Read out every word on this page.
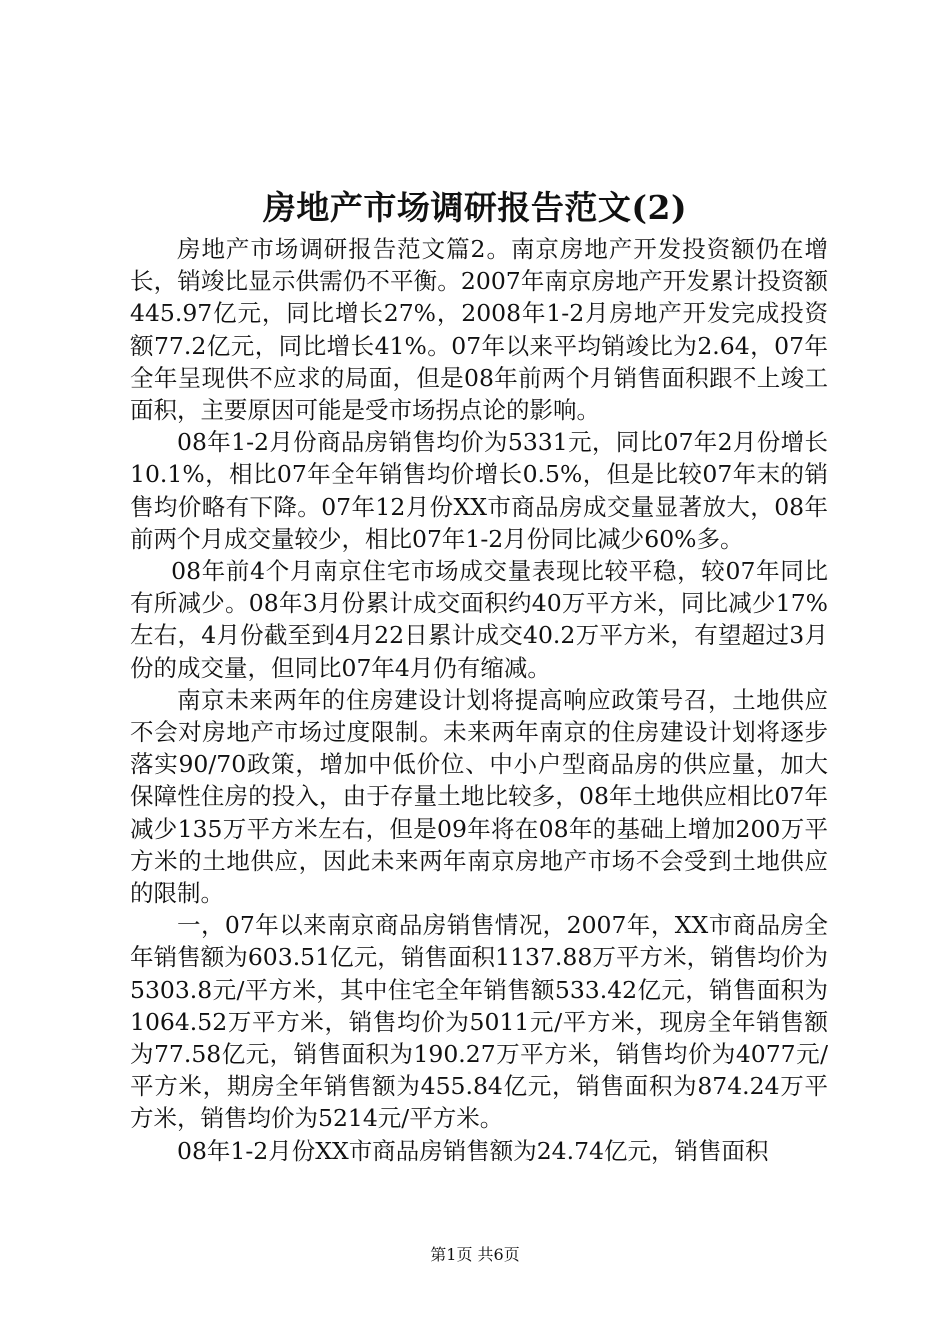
房地产市场调研报告范文(2)

房地产市场调研报告范文篇2。南京房地产开发投资额仍在增长，销竣比显示供需仍不平衡。2007年南京房地产开发累计投资额445.97亿元，同比增长27%，2008年1-2月房地产开发完成投资额77.2亿元，同比增长41%。07年以来平均销竣比为2.64，07年全年呈现供不应求的局面，但是08年前两个月销售面积跟不上竣工面积，主要原因可能是受市场拐点论的影响。

08年1-2月份商品房销售均价为5331元，同比07年2月份增长10.1%，相比07年全年销售均价增长0.5%，但是比较07年末的销售均价略有下降。07年12月份XX市商品房成交量显著放大，08年前两个月成交量较少，相比07年1-2月份同比减少60%多。

08年前4个月南京住宅市场成交量表现比较平稳，较07年同比有所减少。08年3月份累计成交面积约40万平方米，同比减少17%左右，4月份截至到4月22日累计成交40.2万平方米，有望超过3月份的成交量，但同比07年4月仍有缩减。

南京未来两年的住房建设计划将提高响应政策号召，土地供应不会对房地产市场过度限制。未来两年南京的住房建设计划将逐步落实90/70政策，增加中低价位、中小户型商品房的供应量，加大保障性住房的投入，由于存量土地比较多，08年土地供应相比07年减少135万平方米左右，但是09年将在08年的基础上增加200万平方米的土地供应，因此未来两年南京房地产市场不会受到土地供应的限制。

一，07年以来南京商品房销售情况，2007年，XX市商品房全年销售额为603.51亿元，销售面积1137.88万平方米，销售均价为5303.8元/平方米，其中住宅全年销售额533.42亿元，销售面积为1064.52万平方米，销售均价为5011元/平方米，现房全年销售额为77.58亿元，销售面积为190.27万平方米，销售均价为4077元/平方米，期房全年销售额为455.84亿元，销售面积为874.24万平方米，销售均价为5214元/平方米。

08年1-2月份XX市商品房销售额为24.74亿元，销售面积

第1页 共6页
